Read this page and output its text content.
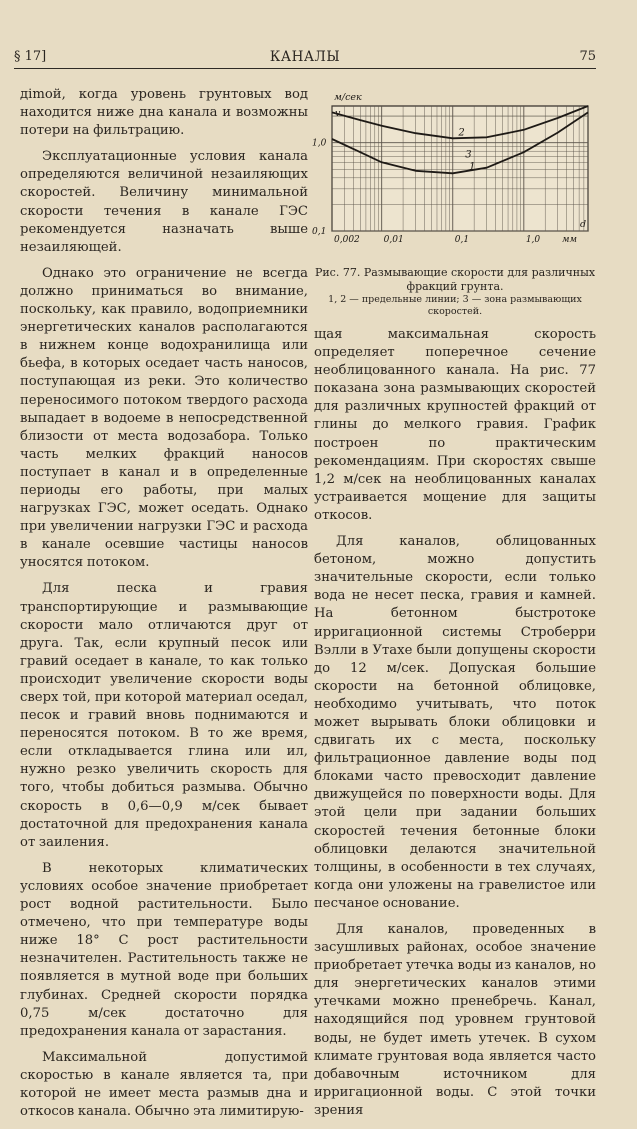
§ 17]	КАНАЛЫ	75

дimой, когда уровень грунтовых вод находится ниже дна канала и возможны потери на фильтрацию.

Эксплуатационные условия канала определяются величиной незаиляющих скоростей. Величину минимальной скорости течения в канале ГЭС рекомендуется назначать выше незаиляющей.

Однако это ограничение не всегда должно приниматься во внимание, поскольку, как правило, водоприемники энергетических каналов располагаются в нижнем конце водохранилища или бьефа, в которых оседает часть наносов, поступающая из реки. Это количество переносимого потоком твердого расхода выпадает в водоеме в непосредственной близости от места водозабора. Только часть мелких фракций наносов поступает в канал и в определенные периоды его работы, при малых нагрузках ГЭС, может оседать. Однако при увеличении нагрузки ГЭС и расхода в канале осевшие частицы наносов уносятся потоком.

Для песка и гравия транспортирующие и размывающие скорости мало отличаются друг от друга. Так, если крупный песок или гравий оседает в канале, то как только происходит увеличение скорости воды сверх той, при которой материал оседал, песок и гравий вновь поднимаются и переносятся потоком. В то же время, если откладывается глина или ил, нужно резко увеличить скорость для того, чтобы добиться размыва. Обычно скорость в 0,6—0,9 м/сек бывает достаточной для предохранения канала от заиления.

В некоторых климатических условиях особое значение приобретает рост водной растительности. Было отмечено, что при температуре воды ниже 18° С рост растительности незначителен. Растительность также не появляется в мутной воде при больших глубинах. Средней скорости порядка 0,75 м/сек достаточно для предохранения канала от зарастания.

Максимальной допустимой скоростью в канале является та, при которой не имеет места размыв дна и откосов канала. Обычно эта лимитирую-

2
3
1
0,002	0,01	0,1	1,0
0,1
1,0
м/сек
v
мм
d
Рис. 77. Размывающие скорости для различных фракций грунта.
1, 2 — предельные линии; 3 — зона размывающих скоростей.

щая максимальная скорость определяет поперечное сечение необлицованного канала. На рис. 77 показана зона размывающих скоростей для различных крупностей фракций от глины до мелкого гравия. График построен по практическим рекомендациям. При скоростях свыше 1,2 м/сек на необлицованных каналах устраивается мощение для защиты откосов.

Для каналов, облицованных бетоном, можно допустить значительные скорости, если только вода не несет песка, гравия и камней. На бетонном быстротоке ирригационной системы Строберри Вэлли в Утахе были допущены скорости до 12 м/сек. Допуская большие скорости на бетонной облицовке, необходимо учитывать, что поток может вырывать блоки облицовки и сдвигать их с места, поскольку фильтрационное давление воды под блоками часто превосходит давление движущейся по поверхности воды. Для этой цели при задании больших скоростей течения бетонные блоки облицовки делаются значительной толщины, в особенности в тех случаях, когда они уложены на гравелистое или песчаное основание.

Для каналов, проведенных в засушливых районах, особое значение приобретает утечка воды из каналов, но для энергетических каналов этими утечками можно пренебречь. Канал, находящийся под уровнем грунтовой воды, не будет иметь утечек. В сухом климате грунтовая вода является часто добавочным источником для ирригационной воды. С этой точки зрения
